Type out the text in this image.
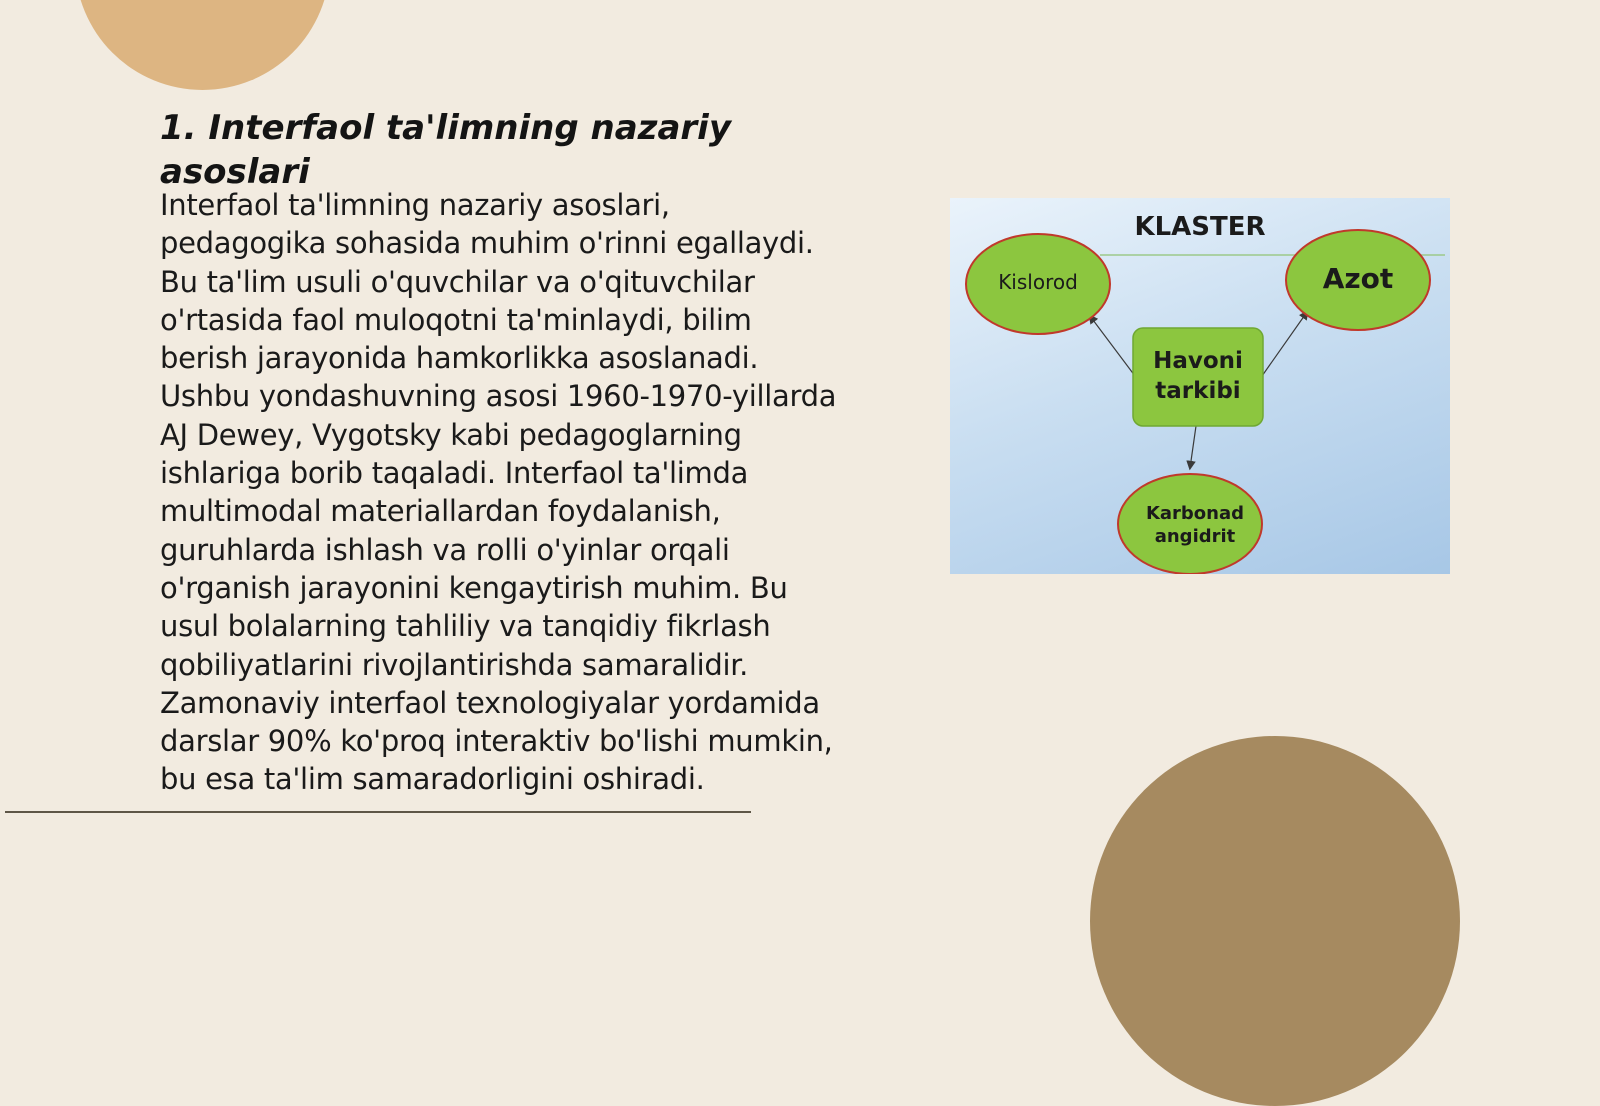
1. Interfaol ta'limning nazariy asoslari

Interfaol ta'limning nazariy asoslari, pedagogika sohasida muhim o'rinni egallaydi. Bu ta'lim usuli o'quvchilar va o'qituvchilar o'rtasida faol muloqotni ta'minlaydi, bilim berish jarayonida hamkorlikka asoslanadi. Ushbu yondashuvning asosi 1960-1970-yillarda AJ Dewey, Vygotsky kabi pedagoglarning ishlariga borib taqaladi. Interfaol ta'limda multimodal materiallardan foydalanish, guruhlarda ishlash va rolli o'yinlar orqali o'rganish jarayonini kengaytirish muhim. Bu usul bolalarning tahliliy va tanqidiy fikrlash qobiliyatlarini rivojlantirishda samaralidir. Zamonaviy interfaol texnologiyalar yordamida darslar 90% ko'proq interaktiv bo'lishi mumkin, bu esa ta'lim samaradorligini oshiradi.

KLASTER
Kislorod	Azot
Havoni tarkibi
Karbonad angidrit
